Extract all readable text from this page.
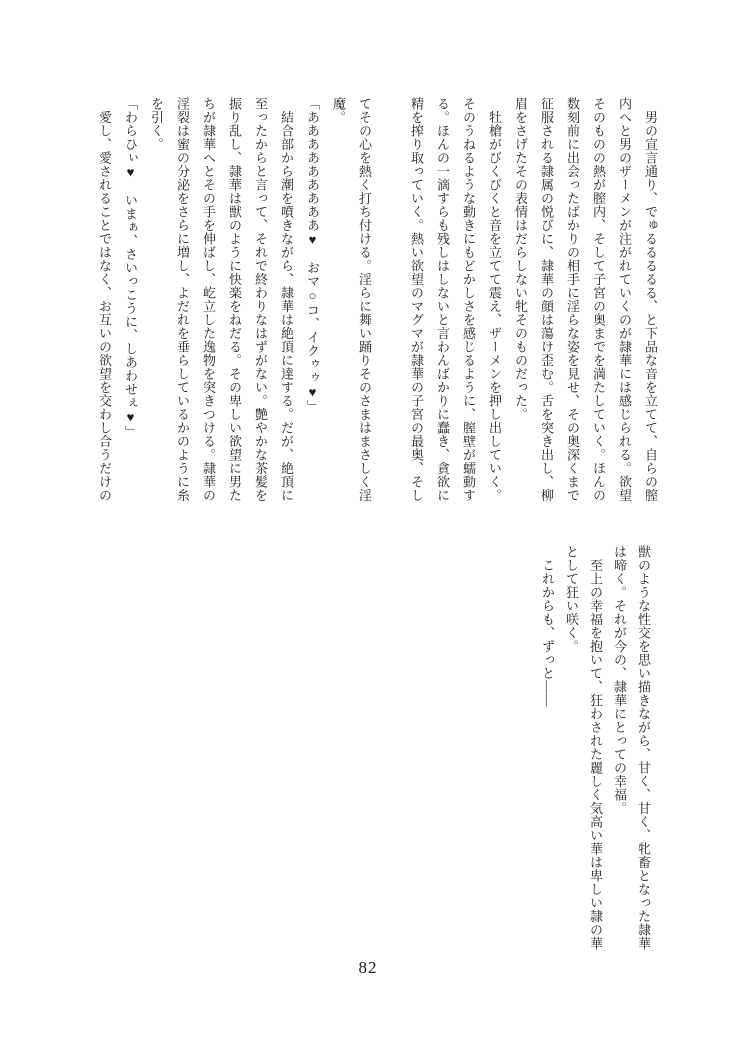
　男の宣言通り、でゅるるるるる、と下品な音を立てて、自らの膣
内へと男のザーメンが注がれていくのが隷華には感じられる。欲望
そのものの熱が膣内、そして子宮の奥までを満たしていく。ほんの
数刻前に出会ったばかりの相手に淫らな姿を見せ、その奥深くまで
征服される隷属の悦びに、隷華の顔は蕩け歪む。舌を突き出し、柳
眉をさげたその表情はだらしない牝そのものだった。
　牡槍がびくびくと音を立てて震え、ザーメンを押し出していく。
そのうねるような動きにもどかしさを感じるように、膣壁が蠕動す
る。ほんの一滴すらも残しはしないと言わんばかりに蠢き、貪欲に
精を搾り取っていく。熱い欲望のマグマが隷華の子宮の最奥、そし
てその心を熱く打ち付ける。淫らに舞い踊りそのさまはまさしく淫
魔。
「あああああああああ♥　おマ○コ、イクゥゥ♥」
　結合部から潮を噴きながら、隷華は絶頂に達する。だが、絶頂に
至ったからと言って、それで終わりなはずがない。艶やかな茶髪を
振り乱し、隷華は獣のように快楽をねだる。その卑しい欲望に男た
ちが隷華へとその手を伸ばし、屹立した逸物を突きつける。隷華の
淫裂は蜜の分泌をさらに増し、よだれを垂らしているかのように糸
を引く。
「わらひぃ♥　いまぁ、さいっこうに、しあわせぇ♥」
　愛し、愛されることではなく、お互いの欲望を交わし合うだけの
獣のような性交を思い描きながら、甘く、甘く、牝畜となった隷華
は啼く。それが今の、隷華にとっての幸福。
　至上の幸福を抱いて、狂わされた麗しく気高い華は卑しい隷の華
として狂い咲く。
　これからも、ずっと――
82
